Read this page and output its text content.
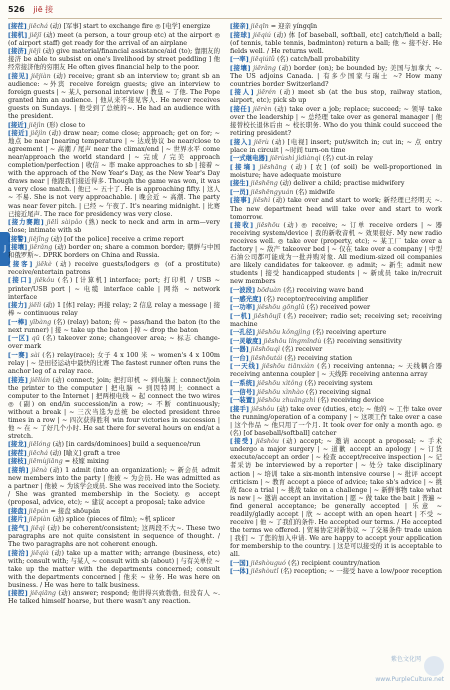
526 jiē 接
J
[接茬] jiēchá (动) [军事] start to exchange fire ◎ [电学] energize
[接机] jiējī (动) meet (a person, a tour group etc) at the airport ◎ (of airport staff) get ready for the arrival of an airplane
[接济] jiējì (动) give material/financial assistance/aid (to); 靠朋友的接济 be able to subsist on one's livelihood by street peddling ] 他经常接济他的穷朋友 He often gives financial help to the poor.
[接见] jiējiàn (动) receive; grant sb an interview to; grant sb an audience: ~外宾 receive foreign guests; give an interview to foreign guests | ~ 某人 personal interview | 教皇 ~ 了他. The Pope granted him an audience. | 他从来不接见客人. He never receives guests on Sundays. | 他受到了总统的~. He had an audience with the president.
[接近] jiējìn (形) close to
[接近] jiējìn (动) draw near; come close; approach; get on for; ~ 地点 be near [nearing temperature | ~ 达成协议 be near/close to agreement | ~ 高潮 / 尾声 near the climax/end | ~ 世界水平 come near/approach the world standard | ~ 完成 / 完美 approach completion/perfection | 收信 ~ 率 make approaches to sb | 接着 ~ with the approach of the New Year's Day, as the New Year's Day draws near | 他跟我们接近得多. Though the game was won, it was a very close match. | 他已 ~ 五十了. He is approaching fifty. | 这人~ 不易. She is not very approachable. | 晚会近 ~ 高潮. The party was near fever pitch. | 已经 ~ 午夜了. It's nearing midnight. | 比赛已接近尾声. The race for presidency was very close.
[接力赛跑] jiēlì sàipǎo (熟) neck to neck and arm in arm—very close; intimate with sb
[接警] jiējǐng (动) [of the police] receive a crime report
[接壤] jiērǎng (动) border on; share a common border; 朝鲜与中国和俄罗斯~. DPRK borders on China and Russia.
[接客] jiēkè (动) receive guests/lodgers ◎ (of a prostitute) receive/entertain patrons
[接口] jiēkǒu (名) [计算机] interface; port; 打印机 / USB ~ printer/USB port | ~ 电缆 interface cable | 网络 ~ network interface
[接力] jiēlì (动) 1 [体] relay; 再接 relay; 2 信息 relay a message | 接棒 ~ continuous relay
[一棒] yībàng (名) (relay) baton; 传 ~ pass/hand the baton (to the next runner) | 接 ~ take up the baton | 掉 ~ drop the baton
[一区] qū (名) takeover zone; changeover area; ~ 标志 change-over mark
[一赛] sài (名) relay(race); 女子 4 x 100 米 ~ women's 4 x 100m relay | ~ 是田径运动中最快的比赛 The fastest runner often runs the anchor leg of a relay race.
[接连] jiēlián (动) connect; join; 把打印机 ~ 到电脑上 connect/join the printer to the computer | 把电脑 ~ 到因特网上 connect a computer to the Internet | 把两根电线 ~ 起 connect the two wires ◎ (副) on end/in succession/in a row; ~ 不断 continuously; without a break | ~ 三次当选为总统 be elected president three times in a row | ~ 四次获得胜利 win four victories in succession | 他 ~ 在 ~ 了好几个小时. He sat there for several hours on end/at a stretch.
[接龙] jiēlóng (动) [in cards/dominoes] build a sequence/run
[接茬] jiēchá (动) [喻义] graft a tree
[接枝] jiēmùjiāng = 枝嫁 mixing
[接纳] jiēnà (动) 1 admit (into an organization); ~ 新会员 admit new members into the party | 他被 ~ 为会员. He was admitted as a partner | 他被 ~ 为该学会成员. She was received into the Society. / She was granted membership in the Society. ◎ accept (proposal, advice, etc); ~ 建议 accept a proposal; take advice
[接盘] jiēpán = 接盘 shōupán
[接片] jiēpiàn (动) splice (pieces of film); ~机 splicer
[接气] jiēqì (动) be coherent/consistent; 这两段不大~. These two paragraphs are not quite consistent in sequence of thought. / The two paragraphs are not coherent enough.
[接洽] jiēqià (动) take up a matter with; arrange (business, etc) with; consult with; 与某人 ~ consult with sb (about) | 与有关单位 ~ take up the matter with the departments concerned; consult with the departments concerned | 他来 ~ 业务. He was here on business. / He was here to talk business.
[接腔] jiēqiāng (动) answer; respond; 他讲得兴致勃勃, 但没有人 ~. He talked himself hoarse, but there wasn't any reaction.
[接亲] jiēqīn = 迎亲 yíngqīn
[接球] jiēqiú (动) 体 [of baseball, softball, etc] catch/field a ball; (of tennis, table tennis, badminton) return a ball; 他 ~ 接不好. He fields well. / He returns well.
[一率] jiēqiúlǜ (名) catch/ball probability
[接壤] jiērǎng (动) border (on); be bounded by; 美国与加拿大 ~. The US adjoins Canada. | 有多少国家与瑞士 ~? How many countries border Switzerland?
[接人] jiērén (动) meet sb (at the bus stop, railway station, airport, etc); pick sb up
[接任] jiērèn (动) take over a job; replace; succeed; ~ 领导 take over the leadership | ~ 总经理 take over as general manager | 他接替校长退休后由 ~ 校长职务. Who do you think could succeed the retiring president?
[接入] jiērù (动) [电视] insert; put/switch in; cut in; ~ 点 entry place in circuit | ~时间 turn-on time
[一式继电器] jiērùshì jìdiànqì (名) cut-in relay
[接墒] jiēshāng (动) [农] (of soil) be well-proportioned in moisture; have adequate moisture
[接生] jiēshēng (动) deliver a child; practise midwifery
[一员] jiēshēngyuán (名) midwife
[接事] jiēshì (动) take over and start to work; 新经理已经明天 ~. The new department head will take over and start to work tomorrow.
[接收] jiēshōu (动) ◎ receive; ~ 订单 receive orders | ~ 器 receiving system/device | 我的新收音机 ~ 效果很好. My new radio receives well. ◎ take over (property, etc); ~ 某工厂 take over a factory | ~ 敌产 takeover bed | ~ 仅在 take over a company | 中型石油公司都可能成为一批并购对象. All medium-sized oil companies are likely candidates for takeover. ◎ admit; ~ 新生 admit new students | 接受 handicapped students | ~ 新成员 take in/recruit new members
[一波段] bōduàn (名) receiving wave band
[一感光度] (名) receptor/receiving amplifier
[一功率] jiēshōu gōnglǜ (名) received power
[一机] jiēshōujī (名) receiver; radio set; receiving set; receiving machine
[一孔径] jiēshōu kǒngjìng (名) receiving aperture
[一灵敏度] jiēshōu língmǐndù (名) receiving sensitivity
[一器] jiēshōuqì (名) receiver
[一台] jiēshōutái (名) receiving station
[一天线] jiēshōu tiānxiàn (名) receiving antenna; ~ 天线耦合器 receiving antenna coupler | ~ 天线阵 receiving antenna array
[一系统] jiēshōu xìtǒng (名) receiving system
[一信号] jiēshōu xìnhào (名) receiving signal
[一装置] jiēshōu zhuāngzhì (名) receiving device
[接手] jiēshǒu (动) take over (duties, etc); ~ 他的 ~ 工作 take over the running/operation of a company | ~ 这项工作 take over a case | 这个作品 ~ 他只用了一个月. It took over for only a month ago. ◎ (名) [of baseball/softball] catcher
[接受] jiēshòu (动) accept; ~ 邀请 accept a proposal; ~ 手术 undergo a major surgery | ~ 道歉 accept an apology | ~ 订货 execute/accept an order | ~ 检查 accept/receive inspection | ~ 记者采访 be interviewed by a reporter | ~ 处分 take disciplinary action | ~ 培训 take a six-month intensive course | ~ 批评 accept criticism | ~ 教育 accept a piece of advice; take sb's advice | ~ 挑战 face a trial | ~ 挑战 take on a challenge | ~ 新鲜事物 take what is new | ~ 邀请 accept an invitation | 愿 ~ 做 take the bait | 普遍 ~ find general acceptance; be generally accepted | 乐意 ~ readily/gladly accept | 欣 ~ accept with an open heart | 不受 ~ receive | 他 ~ 了我们的条件. He accepted our terms. / He accepted the terms we offered. | 贸易协定对新协议 ~ 了交易条件 trade union | 我们 ~ 了您的加入申请. We are happy to accept your application for membership to the country. | 这是可以接受的 it is acceptable to all.
[一国] jiēshòuguó (名) recipient country/nation
[一体] jiēshòutǐ (名) reception; ~ 一接受 have a low/poor reception
紫色文化网
www.PurpleCulture.net
